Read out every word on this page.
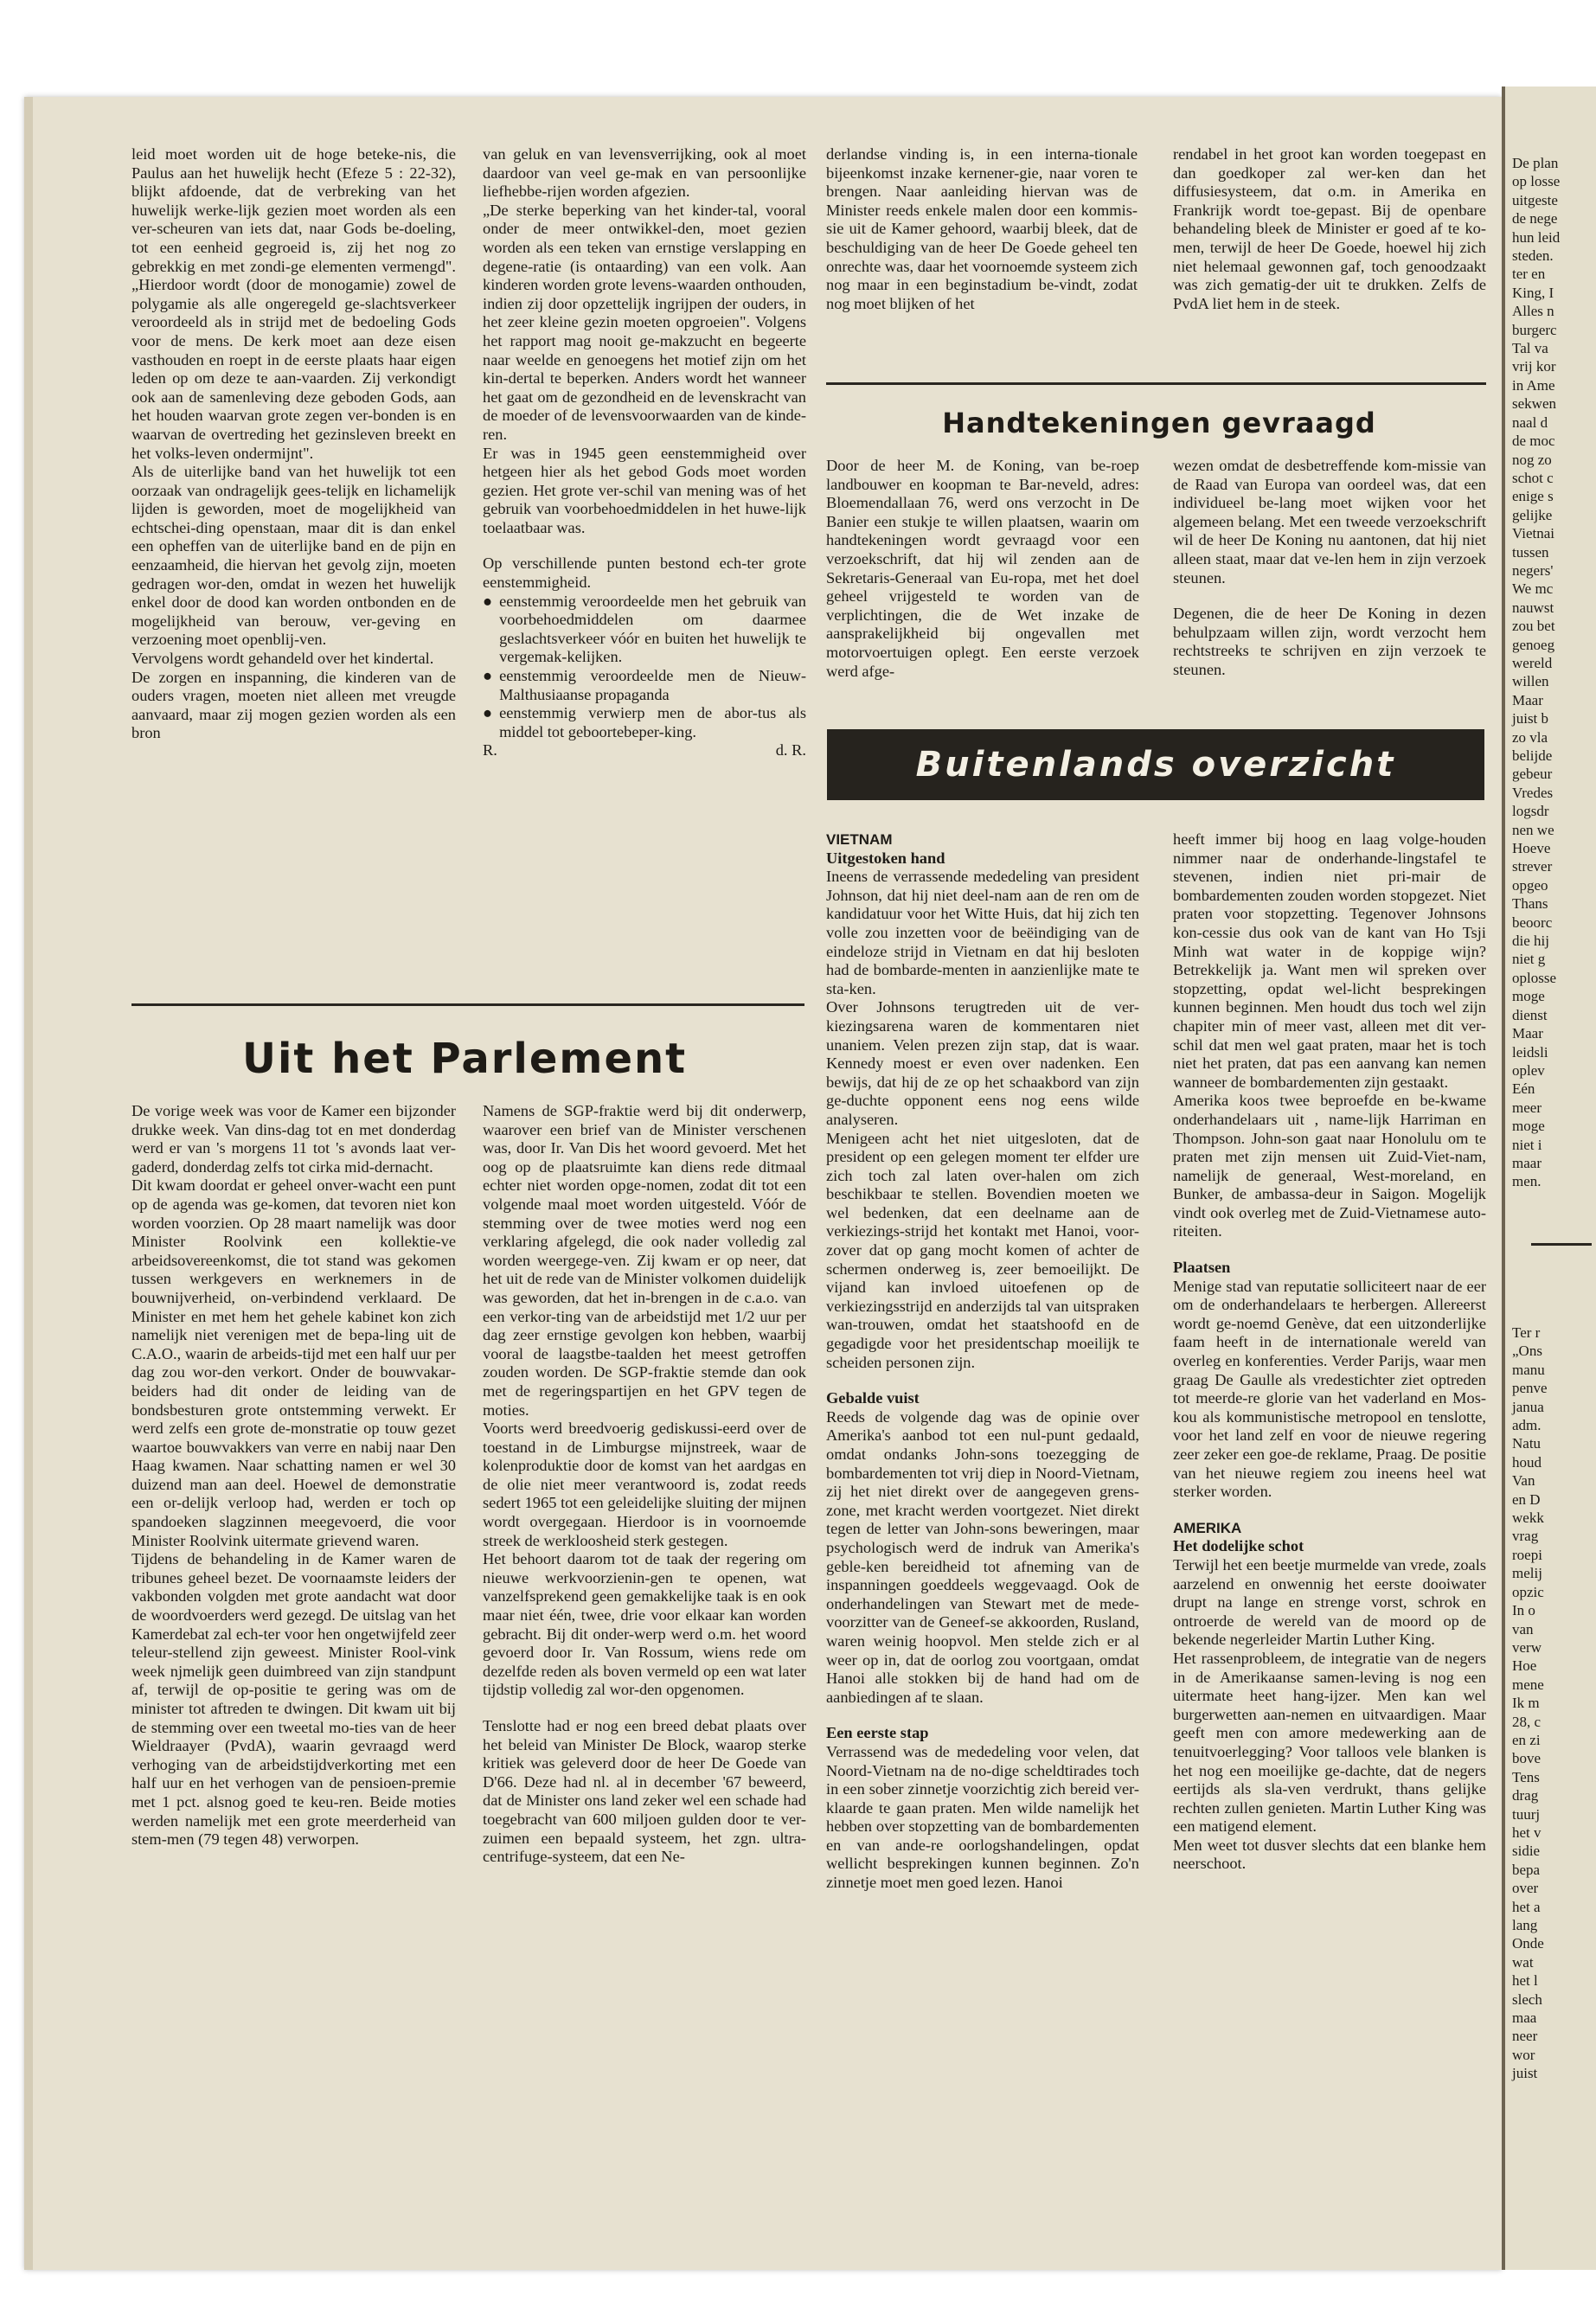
leid moet worden uit de hoge beteke-nis, die Paulus aan het huwelijk hecht (Efeze 5 : 22-32), blijkt afdoende, dat de verbreking van het huwelijk werke-lijk gezien moet worden als een ver-scheuren van iets dat, naar Gods be-doeling, tot een eenheid gegroeid is, zij het nog zo gebrekkig en met zondi-ge elementen vermengd". „Hierdoor wordt (door de monogamie) zowel de polygamie als alle ongeregeld ge-slachtsverkeer veroordeeld als in strijd met de bedoeling Gods voor de mens. De kerk moet aan deze eisen vasthouden en roept in de eerste plaats haar eigen leden op om deze te aan-vaarden. Zij verkondigt ook aan de samenleving deze geboden Gods, aan het houden waarvan grote zegen ver-bonden is en waarvan de overtreding het gezinsleven breekt en het volks-leven ondermijnt".

Als de uiterlijke band van het huwelijk tot een oorzaak van ondragelijk gees-telijk en lichamelijk lijden is geworden, moet de mogelijkheid van echtschei-ding openstaan, maar dit is dan enkel een opheffen van de uiterlijke band en de pijn en eenzaamheid, die hiervan het gevolg zijn, moeten gedragen wor-den, omdat in wezen het huwelijk enkel door de dood kan worden ontbonden en de mogelijkheid van berouw, ver-geving en verzoening moet openblij-ven.

Vervolgens wordt gehandeld over het kindertal.

De zorgen en inspanning, die kinderen van de ouders vragen, moeten niet alleen met vreugde aanvaard, maar zij mogen gezien worden als een bron

van geluk en van levensverrijking, ook al moet daardoor van veel ge-mak en van persoonlijke liefhebbe-rijen worden afgezien.

„De sterke beperking van het kinder-tal, vooral onder de meer ontwikkel-den, moet gezien worden als een teken van ernstige verslapping en degene-ratie (is ontaarding) van een volk. Aan kinderen worden grote levens-waarden onthouden, indien zij door opzettelijk ingrijpen der ouders, in het zeer kleine gezin moeten opgroeien". Volgens het rapport mag nooit ge-makzucht en begeerte naar weelde en genoegens het motief zijn om het kin-dertal te beperken. Anders wordt het wanneer het gaat om de gezondheid en de levenskracht van de moeder of de levensvoorwaarden van de kinde-ren.

Er was in 1945 geen eenstemmigheid over hetgeen hier als het gebod Gods moet worden gezien. Het grote ver-schil van mening was of het gebruik van voorbehoedmiddelen in het huwe-lijk toelaatbaar was.

Op verschillende punten bestond ech-ter grote eenstemmigheid.

● eenstemmig veroordeelde men het gebruik van voorbehoedmiddelen om daarmee geslachtsverkeer vóór en buiten het huwelijk te vergemak-kelijken.
● eenstemmig veroordeelde men de Nieuw-Malthusiaanse propaganda
● eenstemmig verwierp men de abor-tus als middel tot geboortebeper-king.
R.	d. R.

derlandse vinding is, in een interna-tionale bijeenkomst inzake kernener-gie, naar voren te brengen. Naar aanleiding hiervan was de Minister reeds enkele malen door een kommis-sie uit de Kamer gehoord, waarbij bleek, dat de beschuldiging van de heer De Goede geheel ten onrechte was, daar het voornoemde systeem zich nog maar in een beginstadium be-vindt, zodat nog moet blijken of het

rendabel in het groot kan worden toegepast en dan goedkoper zal wer-ken dan het diffusiesysteem, dat o.m. in Amerika en Frankrijk wordt toe-gepast. Bij de openbare behandeling bleek de Minister er goed af te ko-men, terwijl de heer De Goede, hoewel hij zich niet helemaal gewonnen gaf, toch genoodzaakt was zich gematig-der uit te drukken. Zelfs de PvdA liet hem in de steek.

Handtekeningen gevraagd

Door de heer M. de Koning, van be-roep landbouwer en koopman te Bar-neveld, adres: Bloemendallaan 76, werd ons verzocht in De Banier een stukje te willen plaatsen, waarin om handtekeningen wordt gevraagd voor een verzoekschrift, dat hij wil zenden aan de Sekretaris-Generaal van Eu-ropa, met het doel geheel vrijgesteld te worden van de verplichtingen, die de Wet inzake de aansprakelijkheid bij ongevallen met motorvoertuigen oplegt. Een eerste verzoek werd afge-

wezen omdat de desbetreffende kom-missie van de Raad van Europa van oordeel was, dat een individueel be-lang moet wijken voor het algemeen belang. Met een tweede verzoekschrift wil de heer De Koning nu aantonen, dat hij niet alleen staat, maar dat ve-len hem in zijn verzoek steunen.

Degenen, die de heer De Koning in dezen behulpzaam willen zijn, wordt verzocht hem rechtstreeks te schrijven en zijn verzoek te steunen.

Buitenlands overzicht

VIETNAM

Uitgestoken hand

Ineens de verrassende mededeling van president Johnson, dat hij niet deel-nam aan de ren om de kandidatuur voor het Witte Huis, dat hij zich ten volle zou inzetten voor de beëindiging van de eindeloze strijd in Vietnam en dat hij besloten had de bombarde-menten in aanzienlijke mate te sta-ken.

Over Johnsons terugtreden uit de ver-kiezingsarena waren de kommentaren niet unaniem. Velen prezen zijn stap, dat is waar. Kennedy moest er even over nadenken. Een bewijs, dat hij de ze op het schaakbord van zijn ge-duchte opponent eens nog eens wilde analyseren.

Menigeen acht het niet uitgesloten, dat de president op een gelegen moment ter elfder ure zich toch zal laten over-halen om zich beschikbaar te stellen. Bovendien moeten we wel bedenken, dat een deelname aan de verkiezings-strijd het kontakt met Hanoi, voor-zover dat op gang mocht komen of achter de schermen onderweg is, zeer bemoeilijkt. De vijand kan invloed uitoefenen op de verkiezingsstrijd en anderzijds tal van uitspraken wan-trouwen, omdat het staatshoofd en de gegadigde voor het presidentschap moeilijk te scheiden personen zijn.

Gebalde vuist

Reeds de volgende dag was de opinie over Amerika's aanbod tot een nul-punt gedaald, omdat ondanks John-sons toezegging de bombardementen tot vrij diep in Noord-Vietnam, zij het niet direkt over de aangegeven grens-zone, met kracht werden voortgezet. Niet direkt tegen de letter van John-sons beweringen, maar psychologisch werd de indruk van Amerika's geble-ken bereidheid tot afneming van de inspanningen goeddeels weggevaagd. Ook de onderhandelingen van Stewart met de mede-voorzitter van de Geneef-se akkoorden, Rusland, waren weinig hoopvol. Men stelde zich er al weer op in, dat de oorlog zou voortgaan, omdat Hanoi alle stokken bij de hand had om de aanbiedingen af te slaan.

Een eerste stap

Verrassend was de mededeling voor velen, dat Noord-Vietnam na de no-dige scheldtirades toch in een sober zinnetje voorzichtig zich bereid ver-klaarde te gaan praten. Men wilde namelijk het hebben over stopzetting van de bombardementen en van ande-re oorlogshandelingen, opdat wellicht besprekingen kunnen beginnen. Zo'n zinnetje moet men goed lezen. Hanoi

heeft immer bij hoog en laag volge-houden nimmer naar de onderhande-lingstafel te stevenen, indien niet pri-mair de bombardementen zouden worden stopgezet. Niet praten voor stopzetting. Tegenover Johnsons kon-cessie dus ook van de kant van Ho Tsji Minh wat water in de koppige wijn? Betrekkelijk ja. Want men wil spreken over stopzetting, opdat wel-licht besprekingen kunnen beginnen. Men houdt dus toch wel zijn chapiter min of meer vast, alleen met dit ver-schil dat men wel gaat praten, maar het is toch niet het praten, dat pas een aanvang kan nemen wanneer de bombardementen zijn gestaakt.

Amerika koos twee beproefde en be-kwame onderhandelaars uit , name-lijk Harriman en Thompson. John-son gaat naar Honolulu om te praten met zijn mensen uit Zuid-Viet-nam, namelijk de generaal, West-moreland, en Bunker, de ambassa-deur in Saigon. Mogelijk vindt ook overleg met de Zuid-Vietnamese auto-riteiten.

Plaatsen

Menige stad van reputatie solliciteert naar de eer om de onderhandelaars te herbergen. Allereerst wordt ge-noemd Genève, dat een uitzonderlijke faam heeft in de internationale wereld van overleg en konferenties. Verder Parijs, waar men graag De Gaulle als vredestichter ziet optreden tot meerde-re glorie van het vaderland en Mos-kou als kommunistische metropool en tenslotte, voor het land zelf en voor de nieuwe regering zeer zeker een goe-de reklame, Praag. De positie van het nieuwe regiem zou ineens heel wat sterker worden.

AMERIKA

Het dodelijke schot

Terwijl het een beetje murmelde van vrede, zoals aarzelend en onwennig het eerste dooiwater drupt na lange en strenge vorst, schrok en ontroerde de wereld van de moord op de bekende negerleider Martin Luther King.

Het rassenprobleem, de integratie van de negers in de Amerikaanse samen-leving is nog een uitermate heet hang-ijzer. Men kan wel burgerwetten aan-nemen en uitvaardigen. Maar geeft men con amore medewerking aan de tenuitvoerlegging? Voor talloos vele blanken is het nog een moeilijke ge-dachte, dat de negers eertijds als sla-ven verdrukt, thans gelijke rechten zullen genieten. Martin Luther King was een matigend element.

Men weet tot dusver slechts dat een blanke hem neerschoot.

Uit het Parlement

De vorige week was voor de Kamer een bijzonder drukke week. Van dins-dag tot en met donderdag werd er van 's morgens 11 tot 's avonds laat ver-gaderd, donderdag zelfs tot cirka mid-dernacht.

Dit kwam doordat er geheel onver-wacht een punt op de agenda was ge-komen, dat tevoren niet kon worden voorzien. Op 28 maart namelijk was door Minister Roolvink een kollektie-ve arbeidsovereenkomst, die tot stand was gekomen tussen werkgevers en werknemers in de bouwnijverheid, on-verbindend verklaard. De Minister en met hem het gehele kabinet kon zich namelijk niet verenigen met de bepa-ling uit de C.A.O., waarin de arbeids-tijd met een half uur per dag zou wor-den verkort. Onder de bouwvakar-beiders had dit onder de leiding van de bondsbesturen grote ontstemming verwekt. Er werd zelfs een grote de-monstratie op touw gezet waartoe bouwvakkers van verre en nabij naar Den Haag kwamen. Naar schatting namen er wel 30 duizend man aan deel. Hoewel de demonstratie een or-delijk verloop had, werden er toch op spandoeken slagzinnen meegevoerd, die voor Minister Roolvink uitermate grievend waren.

Tijdens de behandeling in de Kamer waren de tribunes geheel bezet. De voornaamste leiders der vakbonden volgden met grote aandacht wat door de woordvoerders werd gezegd. De uitslag van het Kamerdebat zal ech-ter voor hen ongetwijfeld zeer teleur-stellend zijn geweest. Minister Rool-vink week njmelijk geen duimbreed van zijn standpunt af, terwijl de op-positie te gering was om de minister tot aftreden te dwingen. Dit kwam uit bij de stemming over een tweetal mo-ties van de heer Wieldraayer (PvdA), waarin gevraagd werd verhoging van de arbeidstijdverkorting met een half uur en het verhogen van de pensioen-premie met 1 pct. alsnog goed te keu-ren. Beide moties werden namelijk met een grote meerderheid van stem-men (79 tegen 48) verworpen.

Namens de SGP-fraktie werd bij dit onderwerp, waarover een brief van de Minister verschenen was, door Ir. Van Dis het woord gevoerd. Met het oog op de plaatsruimte kan diens rede ditmaal echter niet worden opge-nomen, zodat dit tot een volgende maal moet worden uitgesteld. Vóór de stemming over de twee moties werd nog een verklaring afgelegd, die ook nader volledig zal worden weergege-ven. Zij kwam er op neer, dat het uit de rede van de Minister volkomen duidelijk was geworden, dat het in-brengen in de c.a.o. van een verkor-ting van de arbeidstijd met 1/2 uur per dag zeer ernstige gevolgen kon hebben, waarbij vooral de laagstbe-taalden het meest getroffen zouden worden. De SGP-fraktie stemde dan ook met de regeringspartijen en het GPV tegen de moties.

Voorts werd breedvoerig gediskussi-eerd over de toestand in de Limburgse mijnstreek, waar de kolenproduktie door de komst van het aardgas en de olie niet meer verantwoord is, zodat reeds sedert 1965 tot een geleidelijke sluiting der mijnen wordt overgegaan. Hierdoor is in voornoemde streek de werkloosheid sterk gestegen.

Het behoort daarom tot de taak der regering om nieuwe werkvoorzienin-gen te openen, wat vanzelfsprekend geen gemakkelijke taak is en ook maar niet één, twee, drie voor elkaar kan worden gebracht. Bij dit onder-werp werd o.m. het woord gevoerd door Ir. Van Rossum, wiens rede om dezelfde reden als boven vermeld op een wat later tijdstip volledig zal wor-den opgenomen.

Tenslotte had er nog een breed debat plaats over het beleid van Minister De Block, waarop sterke kritiek was geleverd door de heer De Goede van D'66. Deze had nl. al in december '67 beweerd, dat de Minister ons land zeker wel een schade had toegebracht van 600 miljoen gulden door te ver-zuimen een bepaald systeem, het zgn. ultra-centrifuge-systeem, dat een Ne-

De plan
op losse
uitgeste
de nege
hun leid
steden.
ter en
King, I
Alles n
burgerc
Tal va
vrij kor
in Ame
sekwen
naal d
de moc
nog zo
schot c
enige s
gelijke
Vietnai
tussen
negers'
We mc
nauwst
zou bet
genoeg
wereld
willen
Maar
juist b
zo vla
belijde
gebeur
Vredes
logsdr
nen we
Hoeve
strever
opgeo
Thans
beoorc
die hij
niet g
oplosse
moge
dienst
Maar
leidsli
oplev
Eén
meer
moge
niet i
maar
men.
Ter r
„Ons
manu
penve
janua
adm.
Natu
houd
Van
en D
wekk
vrag
roepi
melij
opzic
In o
van
verw
Hoe
mene
Ik m
28, c
en zi
bove
Tens
drag
tuurj
het v
sidie
bepa
over
het a
lang
Onde
wat
het l
slech
maa
neer
wor
juist
